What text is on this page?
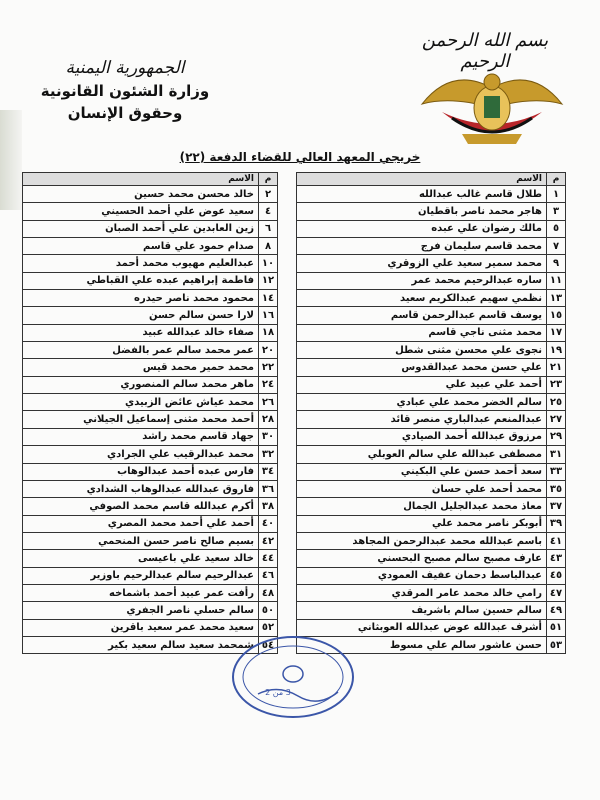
بسم الله الرحمن الرحيم
الجمهورية اليمنية
وزارة الشئون القانونية
وحقوق الإنسان
خريجي المعهد العالي للقضاء الدفعة (٢٢)
م	الاسم
١	طلال قاسم غالب عبدالله
٣	هاجر محمد ناصر باقطيان
٥	مالك رضوان علي عبده
٧	محمد قاسم سليمان فرج
٩	محمد سمير سعيد علي الزوقري
١١	ساره عبدالرحيم محمد عمر
١٣	نظمي سهيم عبدالكريم سعيد
١٥	يوسف قاسم عبدالرحمن قاسم
١٧	محمد مثنى ناجي قاسم
١٩	نجوى علي محسن مثنى شطل
٢١	علي حسن محمد عبدالقدوس
٢٣	أحمد علي عبيد علي
٢٥	سالم الخضر محمد علي عبادي
٢٧	عبدالمنعم عبدالباري منصر قائد
٢٩	مرزوق عبدالله أحمد الصيادي
٣١	مصطفى عبدالله علي سالم العوبلي
٣٣	سعد أحمد حسن علي البكيني
٣٥	محمد أحمد علي حسان
٣٧	معاذ محمد عبدالجليل الجمال
٣٩	أبوبكر ناصر محمد علي
٤١	باسم عبدالله محمد عبدالرحمن المجاهد
٤٣	عارف مصبح سالم مصبح البحسني
٤٥	عبدالباسط دحمان عفيف العمودي
٤٧	رامي خالد محمد عامر المرقدي
٤٩	سالم حسين سالم باشريف
٥١	أشرف عبدالله عوض عبدالله العوبثاني
٥٣	حسن عاشور سالم علي مسوط
م	الاسم
٢	خالد محسن محمد حسين
٤	سعيد عوض علي أحمد الحسيني
٦	زين العابدين علي أحمد الصبان
٨	صدام حمود علي قاسم
١٠	عبدالعليم مهيوب محمد أحمد
١٢	فاطمة إبراهيم عبده علي القباطي
١٤	محمود محمد ناصر حيدره
١٦	لارا حسن سالم حسن
١٨	صفاء خالد عبدالله عبيد
٢٠	عمر محمد سالم عمر بالفضل
٢٢	محمد حمير محمد قيس
٢٤	ماهر محمد سالم المنصوري
٢٦	محمد عياش عائض الزبيدي
٢٨	أحمد محمد مثنى إسماعيل الجيلاني
٣٠	جهاد قاسم محمد راشد
٣٢	محمد عبدالرقيب علي الجرادي
٣٤	فارس عبده أحمد عبدالوهاب
٣٦	فاروق عبدالله عبدالوهاب الشدادي
٣٨	أكرم عبدالله قاسم محمد الصوفي
٤٠	أحمد علي أحمد محمد المصري
٤٢	بسيم صالح ناصر حسن المنحمي
٤٤	خالد سعيد علي باعيسى
٤٦	عبدالرحيم سالم عبدالرحيم باوزير
٤٨	رأفت عمر عبيد أحمد باشماخه
٥٠	سالم حسلي ناصر الجفري
٥٢	سعيد محمد عمر سعيد باقرين
٥٤	شمحمد سعيد سالم سعيد بكير
3 من 2
